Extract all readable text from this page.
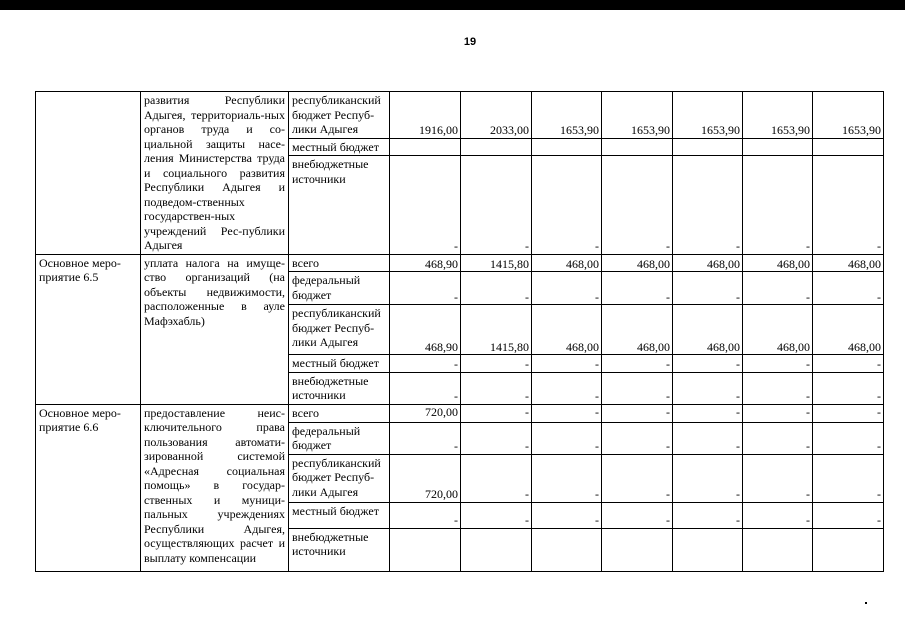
19
	развития Республики Адыгея, территориаль-ных органов труда и со-циальной защиты насе-ления Министерства труда и социального развития Республики Адыгея и подведом-ственных государствен-ных учреждений Рес-публики Адыгея	республиканский бюджет Респуб-лики Адыгея	1916,00	2033,00	1653,90	1653,90	1653,90	1653,90	1653,90
		местный бюджет							
		внебюджетные источники	-	-	-	-	-	-	-
Основное меро-приятие 6.5	уплата налога на имуще-ство организаций (на объекты недвижимости, расположенные в ауле Мафэхабль)	всего	468,90	1415,80	468,00	468,00	468,00	468,00	468,00
		федеральный бюджет	-	-	-	-	-	-	-
		республиканский бюджет Респуб-лики Адыгея	468,90	1415,80	468,00	468,00	468,00	468,00	468,00
		местный бюджет	-	-	-	-	-	-	-
		внебюджетные источники	-	-	-	-	-	-	-
Основное меро-приятие 6.6	предоставление неис-ключительного права пользования автомати-зированной системой «Адресная социальная помощь» в государ-ственных и муници-пальных учреждениях Республики Адыгея, осуществляющих расчет и выплату компенсации	всего	720,00	-	-	-	-	-	-
		федеральный бюджет	-	-	-	-	-	-	-
		республиканский бюджет Респуб-лики Адыгея	720,00	-	-	-	-	-	-
		местный бюджет	-	-	-	-	-	-	-
		внебюджетные источники							
